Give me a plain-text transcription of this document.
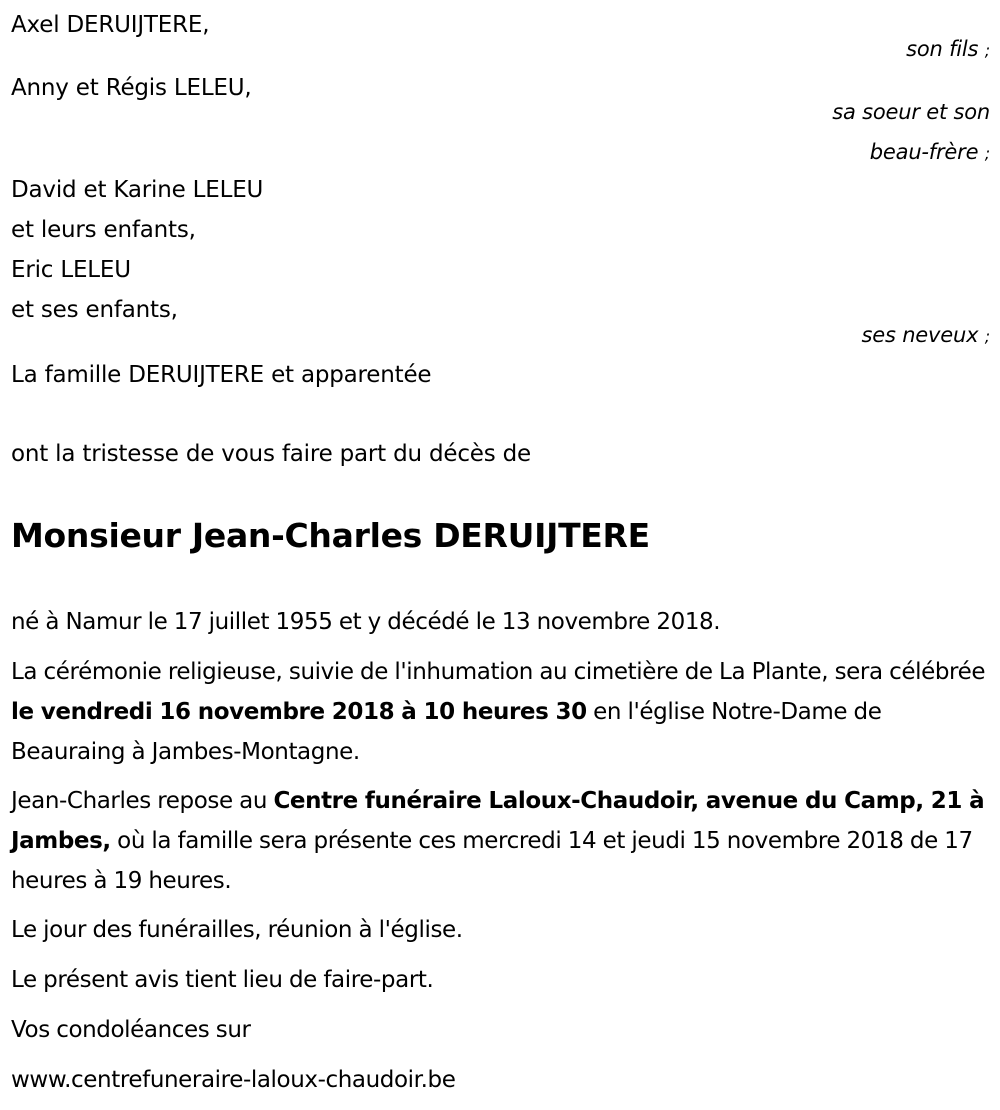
Axel DERUIJTERE,
son fils ;
Anny et Régis LELEU,
sa soeur et son
beau-frère ;
David et Karine LELEU
et leurs enfants,
Eric LELEU
et ses enfants,
ses neveux ;
La famille DERUIJTERE et apparentée
ont la tristesse de vous faire part du décès de
Monsieur Jean-Charles DERUIJTERE
né à Namur le 17 juillet 1955 et y décédé le 13 novembre 2018.
La cérémonie religieuse, suivie de l'inhumation au cimetière de La Plante, sera célébrée le vendredi 16 novembre 2018 à 10 heures 30 en l'église Notre-Dame de Beauraing à Jambes-Montagne.
Jean-Charles repose au Centre funéraire Laloux-Chaudoir, avenue du Camp, 21 à Jambes, où la famille sera présente ces mercredi 14 et jeudi 15 novembre 2018 de 17 heures à 19 heures.
Le jour des funérailles, réunion à l'église.
Le présent avis tient lieu de faire-part.
Vos condoléances sur
www.centrefuneraire-laloux-chaudoir.be
